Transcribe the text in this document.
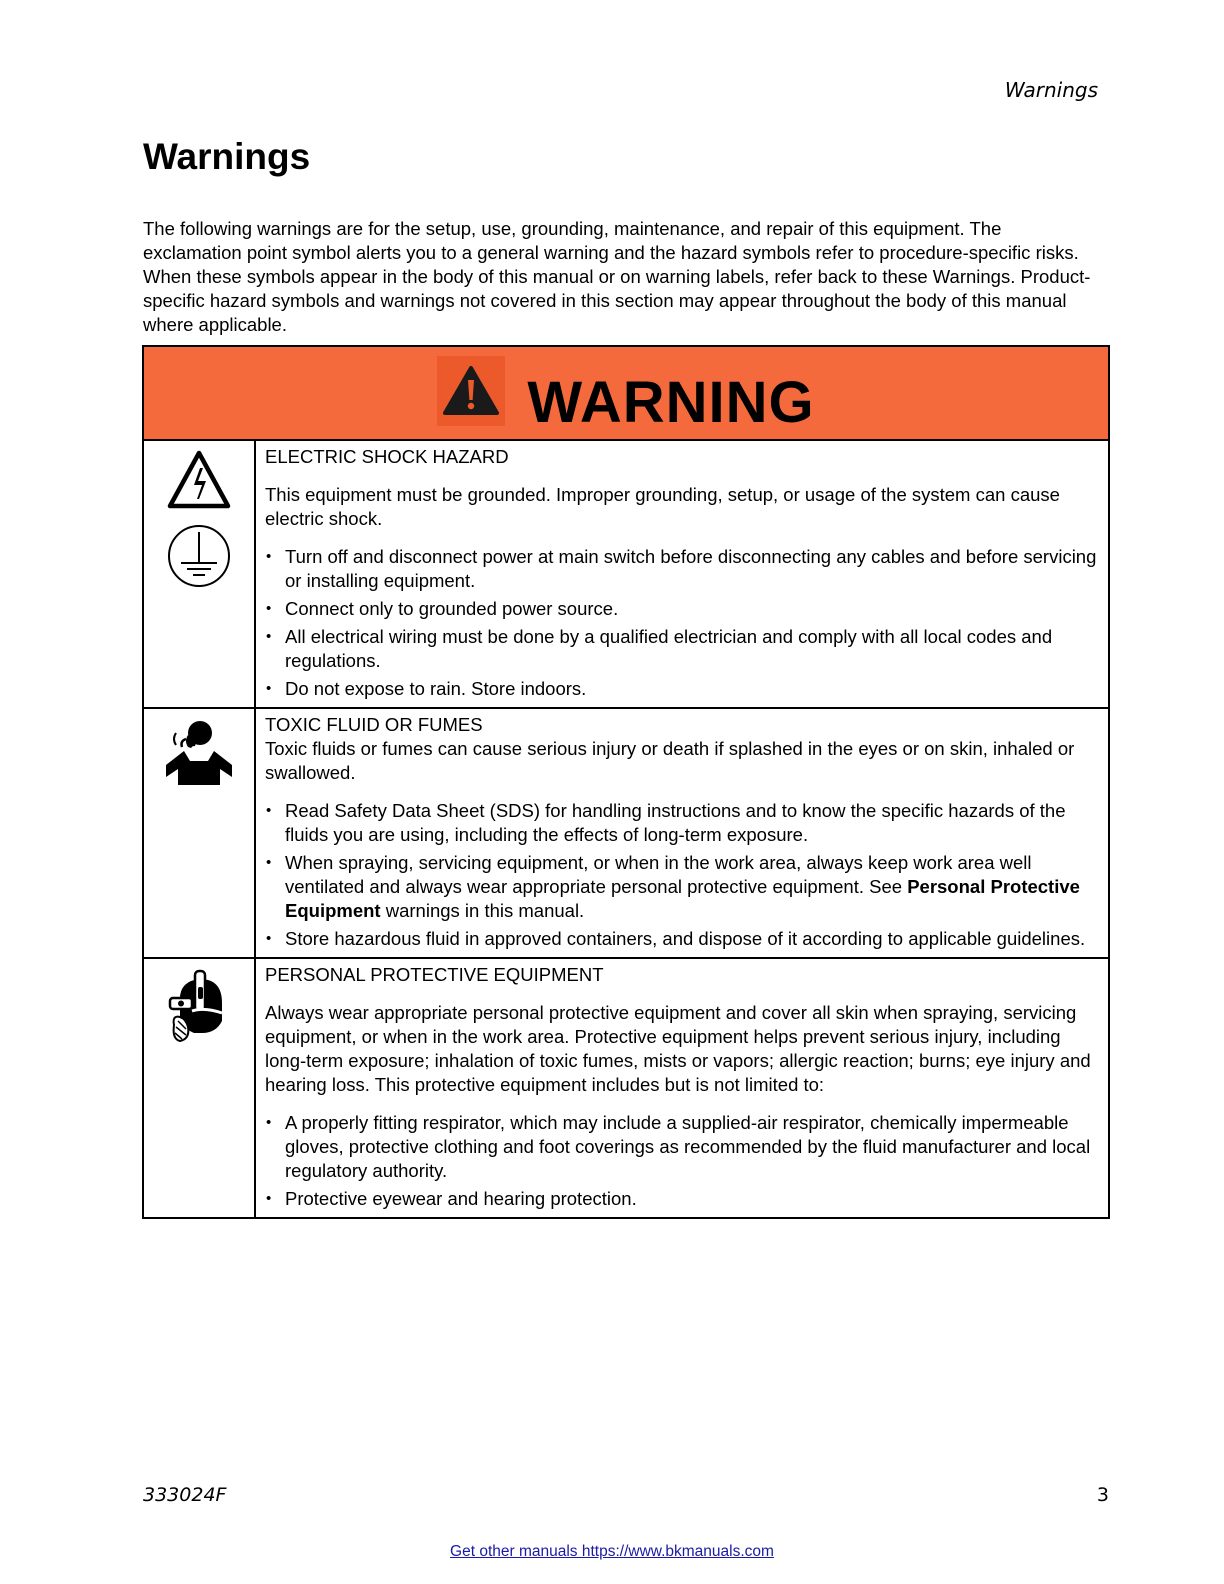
Warnings
Warnings

The following warnings are for the setup, use, grounding, maintenance, and repair of this equipment. The exclamation point symbol alerts you to a general warning and the hazard symbols refer to procedure-specific risks. When these symbols appear in the body of this manual or on warning labels, refer back to these Warnings. Product-specific hazard symbols and warnings not covered in this section may appear throughout the body of this manual where applicable.

WARNING

ELECTRIC SHOCK HAZARD

This equipment must be grounded. Improper grounding, setup, or usage of the system can cause electric shock.

• Turn off and disconnect power at main switch before disconnecting any cables and before servicing or installing equipment.
• Connect only to grounded power source.
• All electrical wiring must be done by a qualified electrician and comply with all local codes and regulations.
• Do not expose to rain. Store indoors.

TOXIC FLUID OR FUMES

Toxic fluids or fumes can cause serious injury or death if splashed in the eyes or on skin, inhaled or swallowed.

• Read Safety Data Sheet (SDS) for handling instructions and to know the specific hazards of the fluids you are using, including the effects of long-term exposure.
• When spraying, servicing equipment, or when in the work area, always keep work area well ventilated and always wear appropriate personal protective equipment. See Personal Protective Equipment warnings in this manual.
• Store hazardous fluid in approved containers, and dispose of it according to applicable guidelines.

PERSONAL PROTECTIVE EQUIPMENT

Always wear appropriate personal protective equipment and cover all skin when spraying, servicing equipment, or when in the work area. Protective equipment helps prevent serious injury, including long-term exposure; inhalation of toxic fumes, mists or vapors; allergic reaction; burns; eye injury and hearing loss. This protective equipment includes but is not limited to:

• A properly fitting respirator, which may include a supplied-air respirator, chemically impermeable gloves, protective clothing and foot coverings as recommended by the fluid manufacturer and local regulatory authority.
• Protective eyewear and hearing protection.
333024F	3
Get other manuals https://www.bkmanuals.com
